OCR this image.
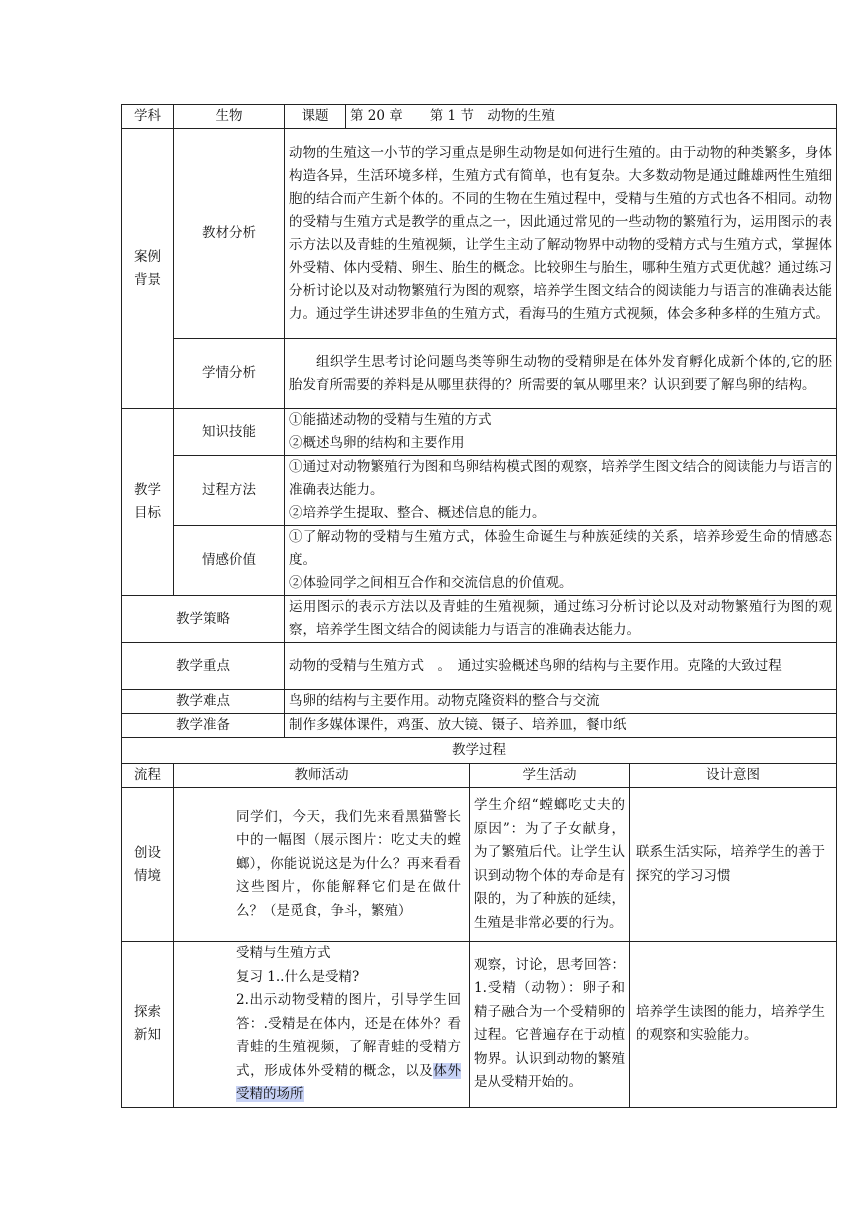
学科	生物	课题	第 20 章　　第 1 节　动物的生殖		
案例背景	教材分析	动物的生殖这一小节的学习重点是卵生动物是如何进行生殖的。由于动物的种类繁多，身体构造各异，生活环境多样，生殖方式有简单，也有复杂。大多数动物是通过雌雄两性生殖细胞的结合而产生新个体的。不同的生物在生殖过程中，受精与生殖的方式也各不相同。动物的受精与生殖方式是教学的重点之一，因此通过常见的一些动物的繁殖行为，运用图示的表示方法以及青蛙的生殖视频，让学生主动了解动物界中动物的受精方式与生殖方式，掌握体外受精、体内受精、卵生、胎生的概念。比较卵生与胎生，哪种生殖方式更优越？通过练习分析讨论以及对动物繁殖行为图的观察，培养学生图文结合的阅读能力与语言的准确表达能力。通过学生讲述罗非鱼的生殖方式，看海马的生殖方式视频，体会多种多样的生殖方式。			
	学情分析	组织学生思考讨论问题鸟类等卵生动物的受精卵是在体外发育孵化成新个体的,它的胚胎发育所需要的养料是从哪里获得的？所需要的氧从哪里来？认识到要了解鸟卵的结构。			
教学目标	知识技能	①能描述动物的受精与生殖的方式
②概述鸟卵的结构和主要作用			

	过程方法	①通过对动物繁殖行为图和鸟卵结构模式图的观察，培养学生图文结合的阅读能力与语言的准确表达能力。
②培养学生提取、整合、概述信息的能力。			

	情感价值	①了解动物的受精与生殖方式，体验生命诞生与种族延续的关系，培养珍爱生命的情感态度。
②体验同学之间相互合作和交流信息的价值观。			

教学策略		运用图示的表示方法以及青蛙的生殖视频，通过练习分析讨论以及对动物繁殖行为图的观察，培养学生图文结合的阅读能力与语言的准确表达能力。			
教学重点		动物的受精与生殖方式　。　通过实验概述鸟卵的结构与主要作用。克隆的大致过程			
教学难点		鸟卵的结构与主要作用。动物克隆资料的整合与交流			
教学准备		制作多媒体课件，鸡蛋、放大镜、镊子、培养皿，餐巾纸			
教学过程					
流程	教师活动			学生活动	设计意图
创设情境	同学们，今天，我们先来看黑猫警长中的一幅图（展示图片：吃丈夫的螳螂），你能说说这是为什么？再来看看这些图片，你能解释它们是在做什么？（是觅食，争斗，繁殖）			学生介绍“螳螂吃丈夫的原因”：为了子女献身，为了繁殖后代。让学生认识到动物个体的寿命是有限的，为了种族的延续，生殖是非常必要的行为。	联系生活实际，培养学生的善于探究的学习习惯
探索新知	受精与生殖方式
复习 1..什么是受精?
2.出示动物受精的图片，引导学生回答：.受精是在体内，还是在体外？看青蛙的生殖视频，了解青蛙的受精方式，形成体外受精的概念，以及体外受精的场所			观察，讨论，思考回答：1.受精（动物）：卵子和精子融合为一个受精卵的过程。它普遍存在于动植物界。认识到动物的繁殖是从受精开始的。	培养学生读图的能力，培养学生的观察和实验能力。
